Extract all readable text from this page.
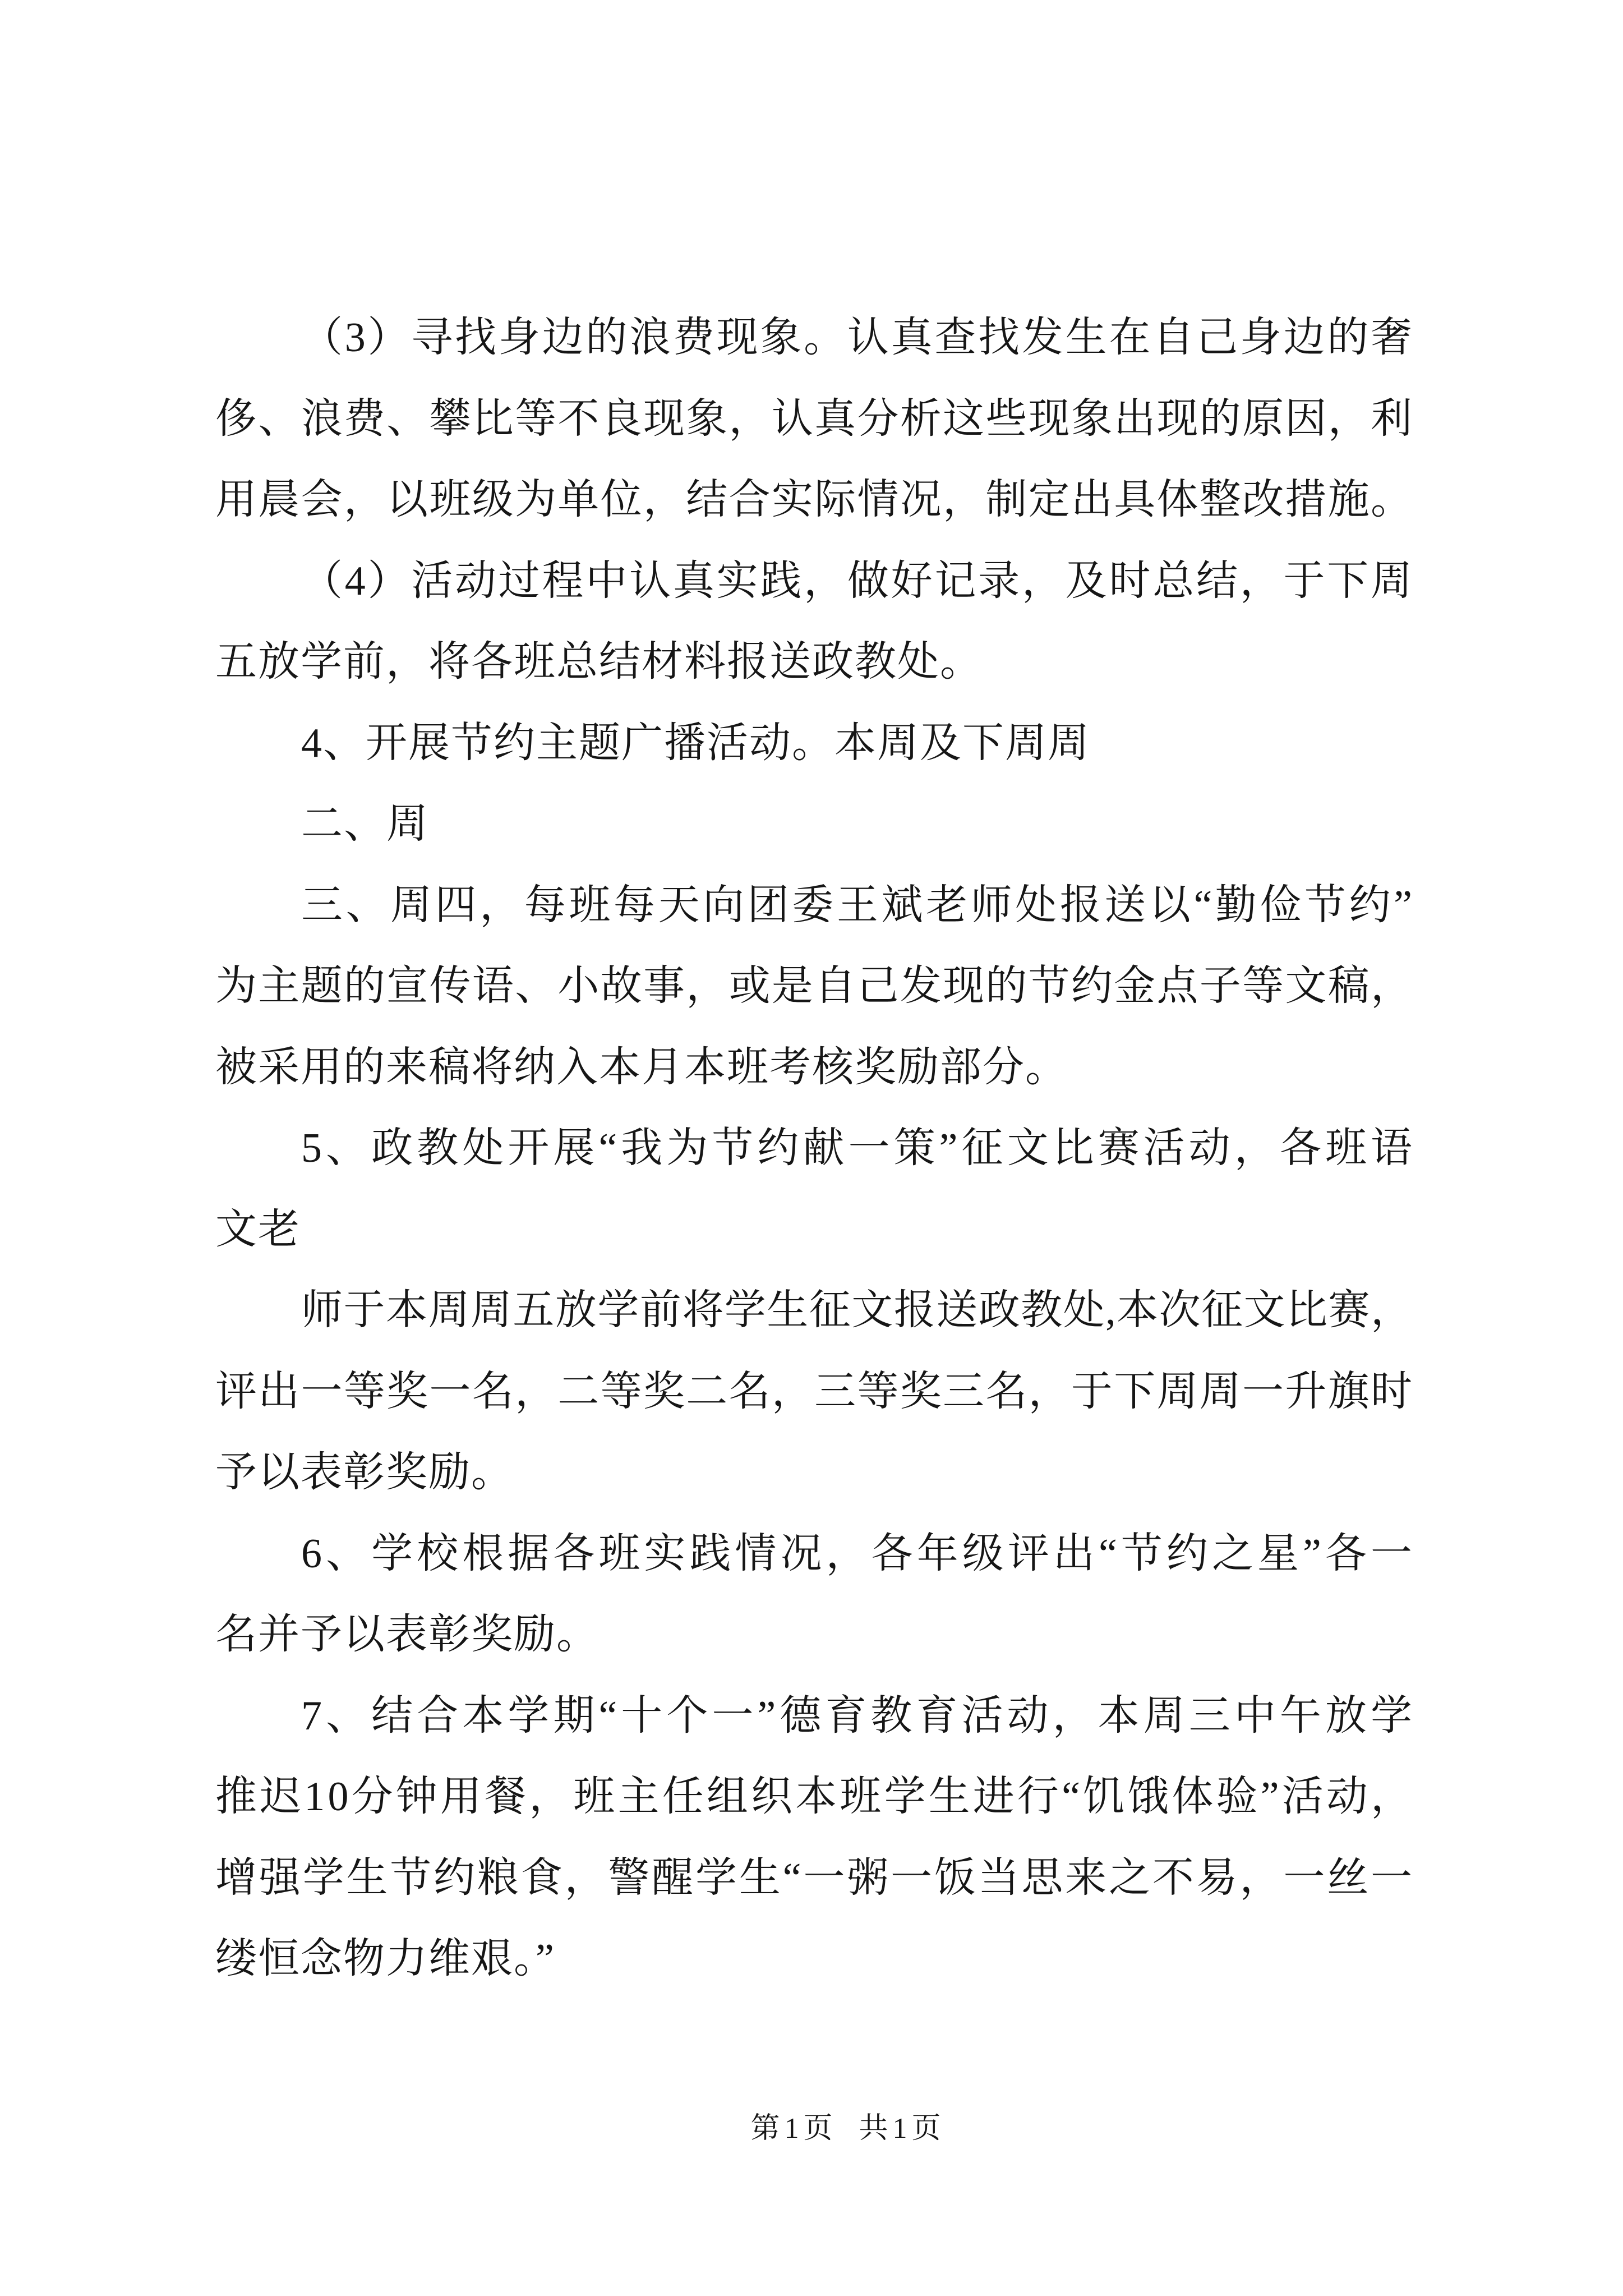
（3）寻找身边的浪费现象。认真查找发生在自己身边的奢
侈、浪费、攀比等不良现象，认真分析这些现象出现的原因，利
用晨会，以班级为单位，结合实际情况，制定出具体整改措施。
（4）活动过程中认真实践，做好记录，及时总结，于下周
五放学前，将各班总结材料报送政教处。
4、开展节约主题广播活动。本周及下周周
二、周
三、周四，每班每天向团委王斌老师处报送以“勤俭节约”
为主题的宣传语、小故事，或是自己发现的节约金点子等文稿，
被采用的来稿将纳入本月本班考核奖励部分。
5、政教处开展“我为节约献一策”征文比赛活动，各班语
文老
师于本周周五放学前将学生征文报送政教处,本次征文比赛，
评出一等奖一名，二等奖二名，三等奖三名，于下周周一升旗时
予以表彰奖励。
6、学校根据各班实践情况，各年级评出“节约之星”各一
名并予以表彰奖励。
7、结合本学期“十个一”德育教育活动，本周三中午放学
推迟10分钟用餐，班主任组织本班学生进行“饥饿体验”活动，
增强学生节约粮食，警醒学生“一粥一饭当思来之不易，一丝一
缕恒念物力维艰。”
第1页 共1页
